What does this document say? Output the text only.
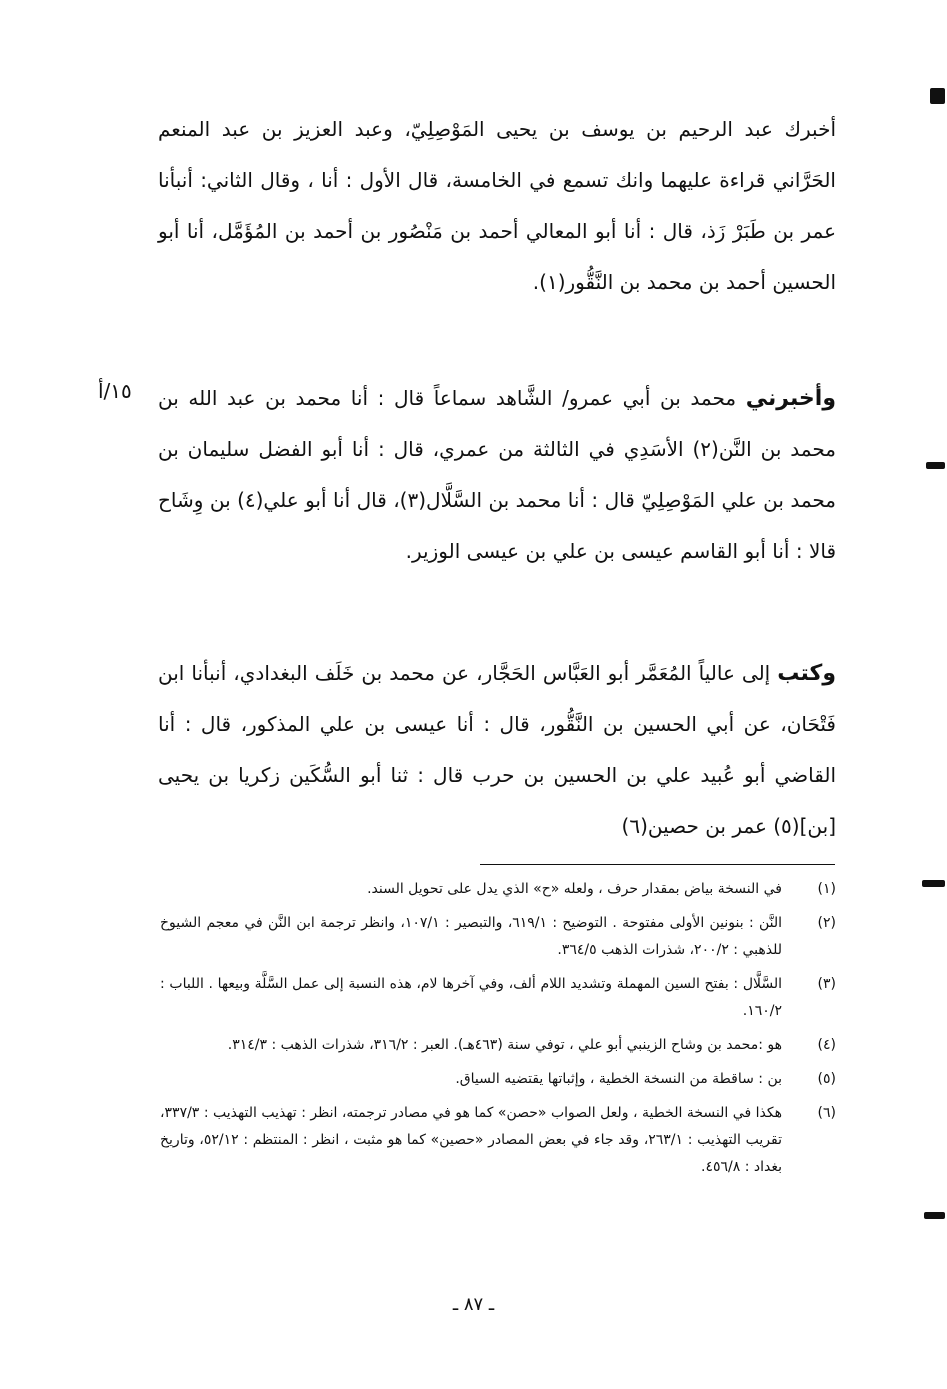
أخبرك عبد الرحيم بن يوسف بن يحيى المَوْصِلِيّ، وعبد العزيز بن عبد المنعم الحَرَّاني قراءة عليهما وانك تسمع في الخامسة، قال الأول : أنا ، وقال الثاني: أنبأنا عمر بن طَبَرْ زَذ، قال : أنا أبو المعالي أحمد بن مَنْصُور بن أحمد بن المُؤَمَّل، أنا أبو الحسين أحمد بن محمد بن النَّقُّور(١).

١٥/أ	وأخبرني محمد بن أبي عمرو/ الشَّاهد سماعاً قال : أنا محمد بن عبد الله بن محمد بن النَّن(٢) الأسَدِي في الثالثة من عمري، قال : أنا أبو الفضل سليمان بن محمد بن علي المَوْصِلِيّ قال : أنا محمد بن السَّلَّال(٣)، قال أنا أبو علي(٤) بن وِشَاح قالا : أنا أبو القاسم عيسى بن علي بن عيسى الوزير.

وكتب إلى عالياً المُعَمَّر أبو العَبَّاس الحَجَّار، عن محمد بن خَلَف البغدادي، أنبأنا ابن فَتْحَان، عن أبي الحسين بن النَّقُّور، قال : أنا عيسى بن علي المذكور، قال : أنا القاضي أبو عُبيد علي بن الحسين بن حرب قال : ثنا أبو السُّكَين زكريا بن يحيى [بن](٥) عمر بن حصين(٦)

(١)
في النسخة بياض بمقدار حرف ، ولعله «ح» الذي يدل على تحويل السند.
(٢)
النَّن : بنونين الأولى مفتوحة . التوضيح : ٦١٩/١، والتبصير : ١٠٧/١، وانظر ترجمة ابن النَّن في معجم الشيوخ للذهبي : ٢٠٠/٢، شذرات الذهب ٣٦٤/٥.
(٣)
السَّلَّال : بفتح السين المهملة وتشديد اللام ألف، وفي آخرها لام، هذه النسبة إلى عمل السَّلَّة وبيعها . اللباب : ١٦٠/٢.
(٤)
هو :محمد بن وشاح الزينبي أبو علي ، توفي سنة (٤٦٣هـ). العبر : ٣١٦/٢، شذرات الذهب : ٣١٤/٣.
(٥)
بن : ساقطة من النسخة الخطية ، وإثباتها يقتضيه السياق.
(٦)
هكذا في النسخة الخطية ، ولعل الصواب «حصن» كما هو في مصادر ترجمته، انظر : تهذيب التهذيب : ٣٣٧/٣، تقريب التهذيب : ٢٦٣/١، وقد جاء في بعض المصادر «حصين» كما هو مثبت ، انظر : المنتظم : ٥٢/١٢، وتاريخ بغداد : ٤٥٦/٨.
ـ ٨٧ ـ
